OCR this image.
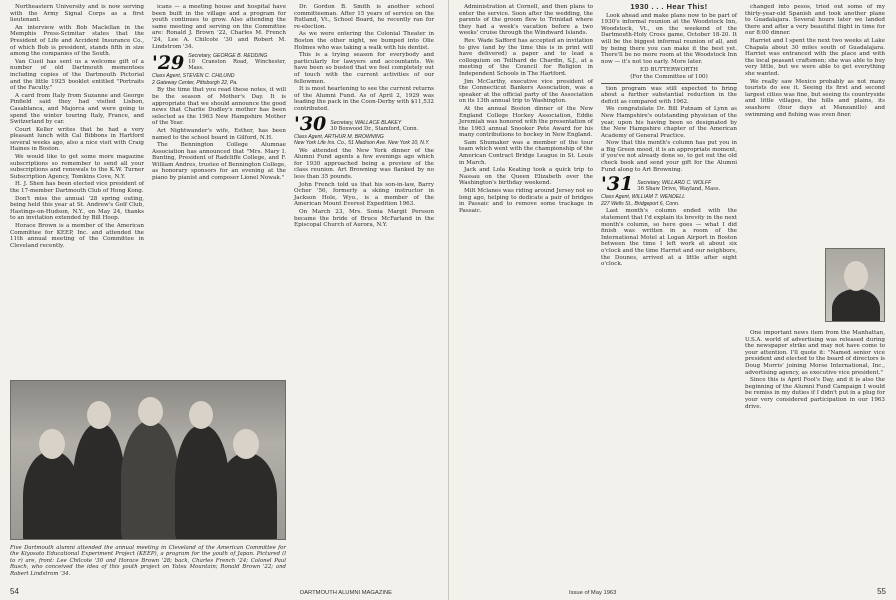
Northeastern University and is now serving with the Army Signal Corps as a first lieutenant.

An interview with Bob Maclellan in the Memphis Press-Scimitar states that the President of Life and Accident Insurance Co., of which Bob is president, stands fifth in size among the companies of the South.

Van Cueil has sent us a welcome gift of a number of old Dartmouth mementoes including copies of the Dartmouth Pictorial and the little 1925 booklet entitled "Portraits of the Faculty."

A card from Italy from Suzanne and George Pinfield said they had visited Lisbon, Casablanca, and Majorca and were going to spend the winter touring Italy, France, and Switzerland by car.

Court Keller writes that he had a very pleasant lunch with Cal Bibbons in Hartford several weeks ago, also a nice visit with Craig Haines in Boston.

We would like to get some more magazine subscriptions so remember to send all your subscriptions and renewals to the K.W. Turner Subscription Agency, Tomkins Cove, N.Y.

H. J. Shen has been elected vice president of the 17-member Dartmouth Club of Hong Kong.

Don't miss the annual '28 spring outing, being held this year at St. Andrew's Golf Club, Hastings-on-Hudson, N.Y., on May 24, thanks to an invitation extended by Bill Hoop.

Horace Brown is a member of the American Committee for KEEP, Inc. and attended the 11th annual meeting of the Committee in Cleveland recently.

icans — a meeting house and hospital have been built in the village and a program for youth continues to grow. Also attending the same meeting and serving on the Committee are: Ronald J. Brown '22, Charles M. French '24, Lee A. Chilcote '30 and Robert M. Lindstrom '34.

'29 Secretary, GEORGE B. REDDING
10 Cranston Road, Winchester, Mass.
Class Agent, STEVEN C. CHILUND
2 Gateway Center, Pittsburgh 22, Pa.

By the time that you read these notes, it will be the season of Mother's Day. It is appropriate that we should announce the good news that Charlie Dudley's mother has been selected as the 1963 New Hampshire Mother of the Year.

Art Nightwander's wife, Esther, has been named to the school board in Gilford, N.H.

The Bennington College Alumnae Association has announced that "Mrs. Mary I. Bunting, President of Radcliffe College, and F. William Andres, trustee of Bennington College, as honorary sponsors for an evening at the piano by pianist and composer Lionel Nowak."

Dr. Gordon B. Smith is another school committeeman. After 15 years of service on the Rutland, Vt., School Board, he recently ran for re-election.

As we were entering the Colonial Theater in Boston the other night, we bumped into Olie Holmes who was taking a walk with his dentist.

This is a trying season for everybody and particularly for lawyers and accountants. We have been so busted that we feel completely out of touch with the current activities of our fellowmen.

It is most heartening to see the current returns of the Alumni Fund. As of April 2, 1929 was leading the pack in the Coon-Derby with $11,532 contributed.

'30 Secretary, WALLACE BLAKEY
30 Boxwood Dr., Stamford, Conn.
Class Agent, ARTHUR M. BROWNING
New York Life Ins. Co., 51 Madison Ave. New York 10, N.Y.

We attended the New York dinner of the Alumni Fund agents a few evenings ago which for 1930 approached being a preview of the class reunion. Art Browning was flanked by no less than 35 pounds.

John French told us that his son-in-law, Barry Ocher '56, formerly a skiing instructor in Jackson Hole, Wyo., is a member of the American Mount Everest Expedition 1963.

On March 23, Mrs. Sonia Margit Persson became the bride of Bruce McFarland in the Episcopal Church of Aurora, N.Y.

Five Dartmouth alumni attended the annual meeting in Cleveland of the American Committee for the Kiyosato Educational Experiment Project (KEEP), a program for the youth of Japan. Pictured (l to r) are, front: Lee Chilcote '30 and Horace Brown '28; back, Charles French '24; Colonel Paul Rusch, who conceived the idea of this youth project on Yatsu Mountain; Ronald Brown '22; and Robert Lindstrom '34.
54	DARTMOUTH ALUMNI MAGAZINE

Administration at Cornell, and then plans to enter the service. Soon after the wedding, the parents of the groom flew to Trinidad where they had a week's vacation before a two weeks' cruise through the Windward Islands.

Rev. Wade Safford has accepted an invitation to give (and by the time this is in print will have delivered) a paper and to lead a colloquium on Teilhard de Chardin, S.J., at a meeting of the Council for Religion in Independent Schools in The Hartford.

Jim McCarthy, executive vice president of the Connecticut Bankers Association, was a speaker at the official party of the Association on its 13th annual trip to Washington.

At the annual Boston dinner of the New England College Hockey Association, Eddie Jeremiah was honored with the presentation of the 1963 annual Snooker Pete Award for his many contributions to hockey in New England.

Sam Shumaker was a member of the tour team which went with the championship of the American Contract Bridge League in St. Louis in March.

Jack and Lola Keating took a quick trip to Nassau on the Queen Elizabeth over the Washington's birthday weekend.

Milt Mclanes was riding around Jersey not so long ago, helping to dedicate a pair of bridges in Passaic and to remove some trackage in Passaic.

1930 . . . Hear This!

Look ahead and make plans now to be part of 1930's informal reunion at the Woodstock Inn, Woodstock, Vt., on the weekend of the Dartmouth-Holy Cross game, October 18-20. It will be the biggest informal reunion of all, and by being there you can make it the best yet. There'll be no more room at the Woodstock Inn now — it's not too early. More later.

ED BUTTERWORTH
(For the Committee of 100)

tion program was still expected to bring about a further substantial reduction in the deficit as compared with 1962.

We congratulate Dr. Bill Putnam of Lynn as New Hampshire's outstanding physician of the year, upon his having been so designated by the New Hampshire chapter of the American Academy of General Practice.

Now that this month's column has put you in a Big Green mood, it is an appropriate moment, if you've not already done so, to get out the old check book and send your gift for the Alumni Fund along to Art Browning.

'31 Secretary, WILLARD C. WOLFF
36 Shaw Drive, Wayland, Mass.
Class Agent, WILLIAM T. WENDELL
227 Wells St., Bridgeport 6, Conn.

Last month's column ended with the statement that I'd explain its brevity in the next month's column, so here goes — what I did finish was written in a room of the International Motel at Logan Airport in Boston between the time I left work at about six o'clock and the time Harriet and our neighbors, the Dounes, arrived at a little after eight o'clock.

changed into pesos, tried out some of my thirty-year-old Spanish and took another plane to Guadalajara. Several hours later we landed there and after a very beautiful flight in time for our 8:00 dinner.

Harriet and I spent the next two weeks at Lake Chapala about 30 miles south of Guadalajara. Harriet was entranced with the place and with the local peasant craftsmen; she was able to buy very little, but we were able to get everything she wanted.

We really saw Mexico probably as not many tourists do see it. Seeing its first and second largest cities was fine, but seeing its countryside and little villages, the hills and plains, its seashore (four days at Manzanillo) and swimming and fishing was even finer.

One important news item from the Manhattan, U.S.A. world of advertising was released during the newspaper strike and may not have come to your attention. I'll quote it: "Named senior vice president and elected to the board of directors is Doug Morris' joining Morse International, Inc., advertising agency, as executive vice president."

Since this is April Fool's Day, and it is also the beginning of the Alumni Fund Campaign I would be remiss in my duties if I didn't put in a plug for your very considered participation in our 1963 drive.

Issue of May 1963	55
